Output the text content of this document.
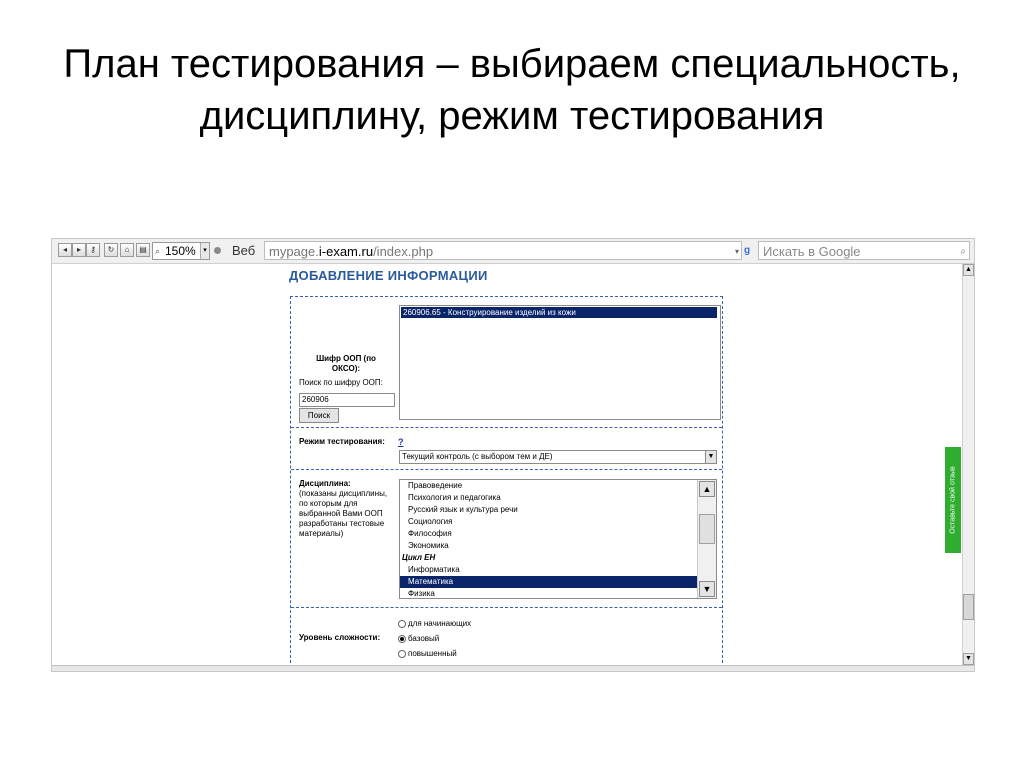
План тестирования – выбираем специальность, дисциплину, режим тестирования
◂	▸	⚷	↻	⌂	▤ ⌕ 150%	▾ Веб	mypage.i-exam.ru/index.php	▾ g Искать в Google	⌕
ДОБАВЛЕНИЕ ИНФОРМАЦИИ
Шифр ООП (по ОКСО):
Поиск по шифру ООП:
260906
Поиск
260906.65 - Конструирование изделий из кожи
Режим тестирования: ?
Текущий контроль (с выбором тем и ДЕ)	▼
Дисциплина:
(показаны дисциплины, по которым для выбранной Вами ООП разработаны тестовые материалы)
Правоведение
Психология и педагогика
Русский язык и культура речи
Социология
Философия
Экономика
Цикл ЕН
Информатика
Математика
Физика
▲
▼
Уровень сложности:
для начинающих
базовый
повышенный
Оставьте свой отзыв
▲
▼
